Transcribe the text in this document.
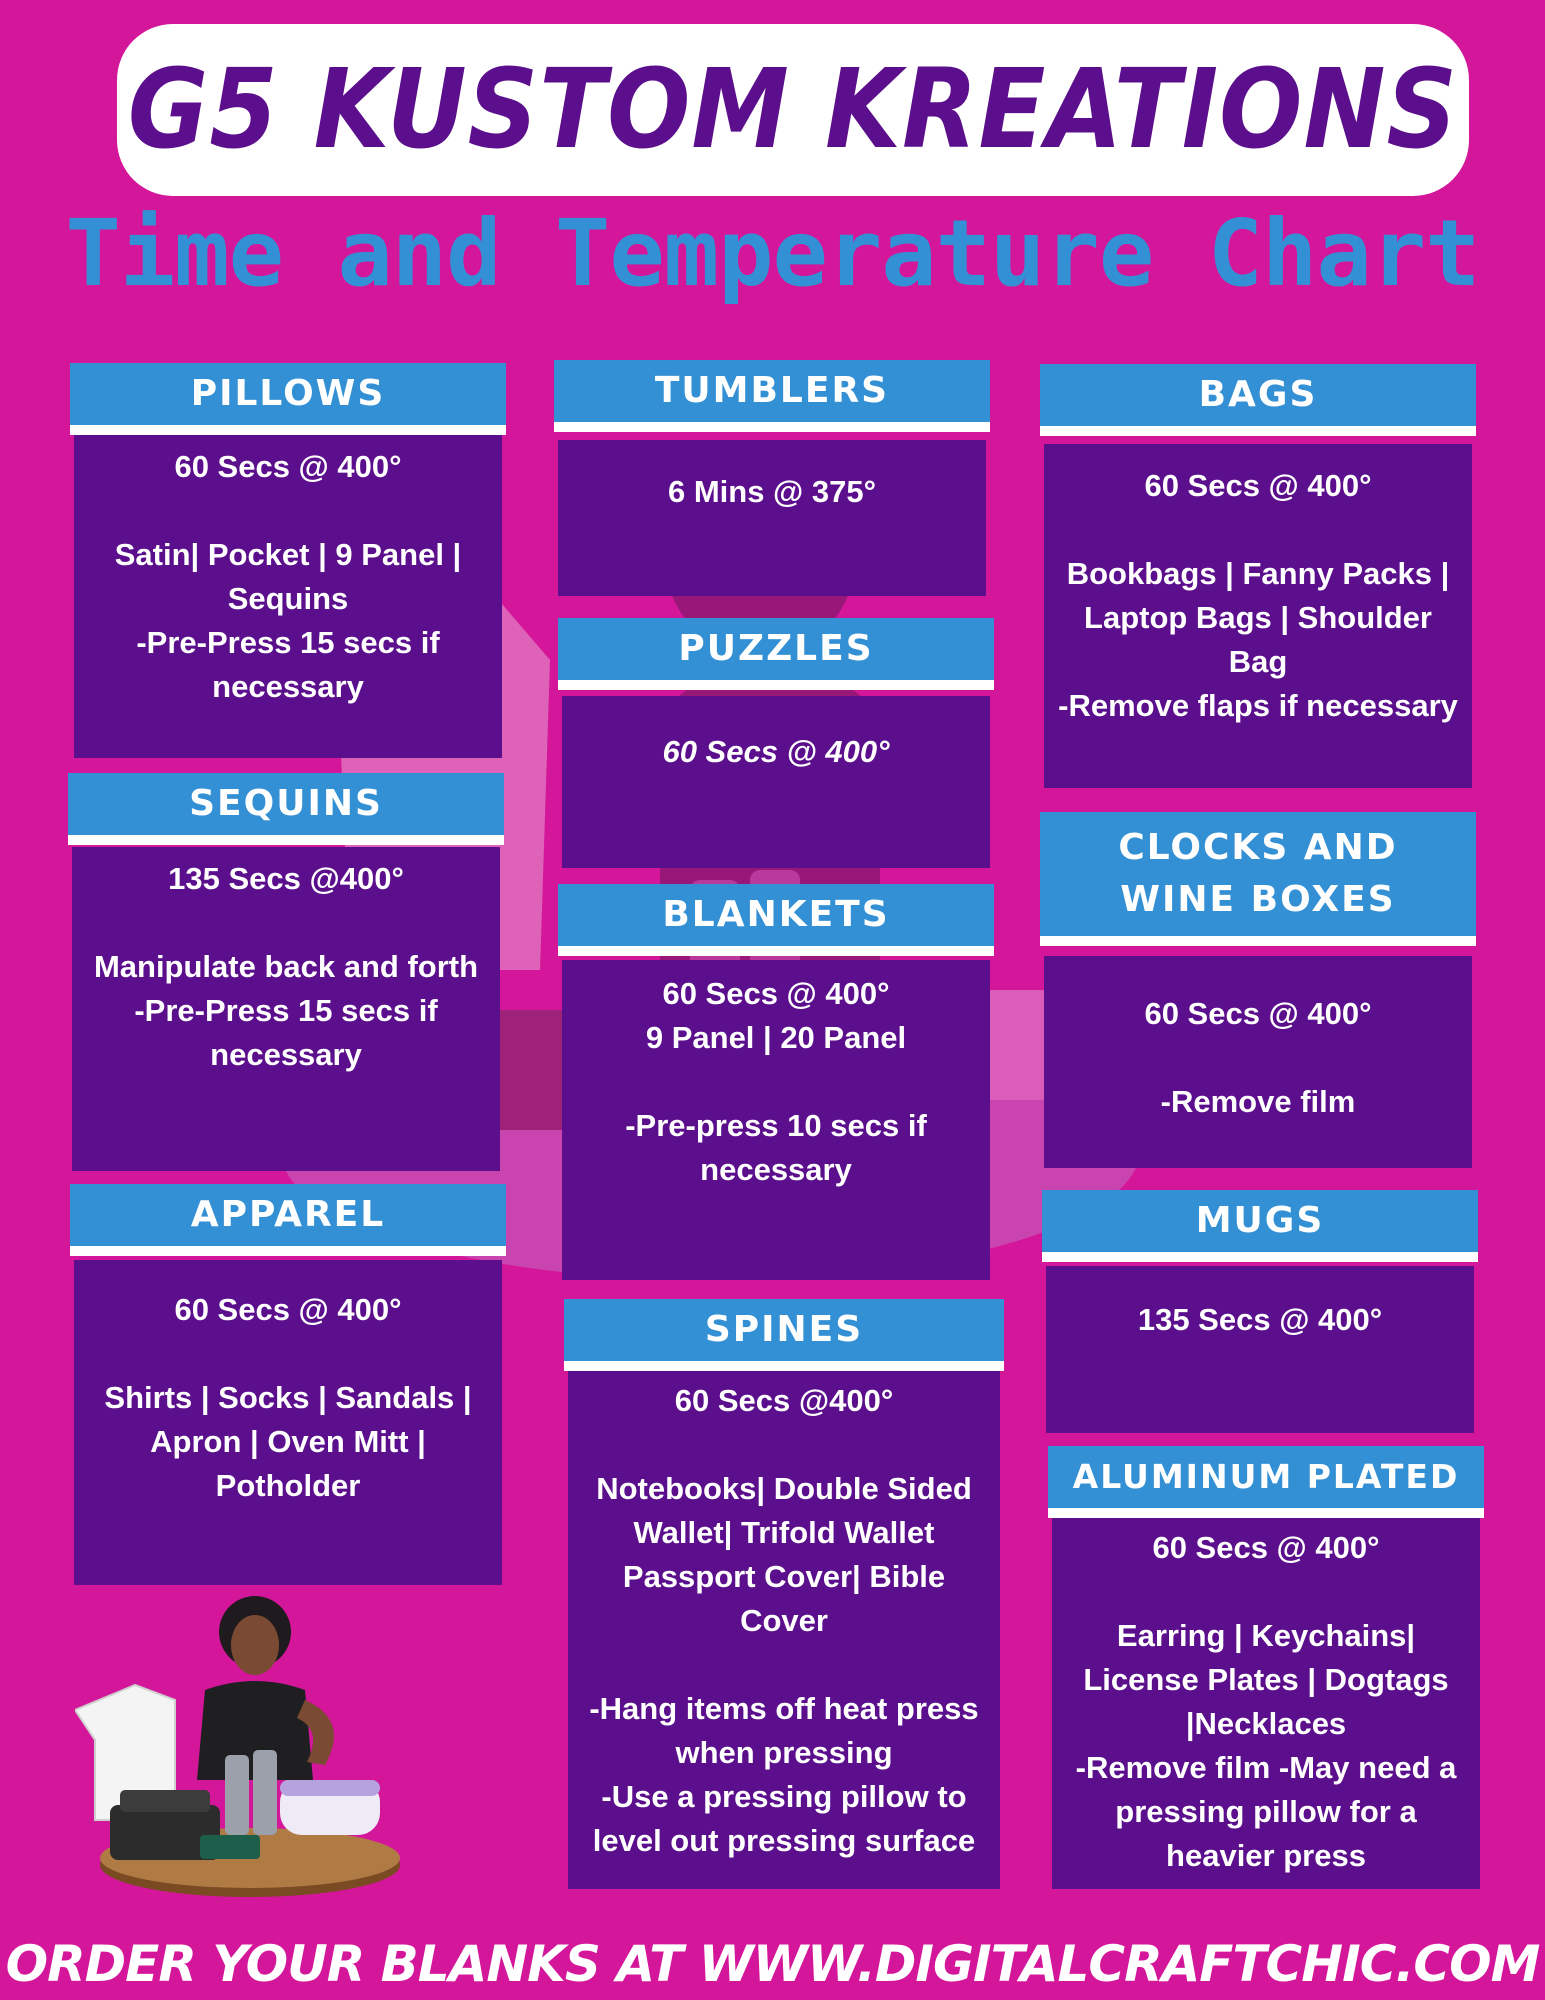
G5 KUSTOM KREATIONS
Time and Temperature Chart
PILLOWS

60 Secs @ 400°

Satin| Pocket | 9 Panel | Sequins

-Pre-Press 15 secs if necessary

TUMBLERS

6 Mins @ 375°

BAGS

60 Secs @ 400°

Bookbags | Fanny Packs | Laptop Bags | Shoulder Bag

-Remove flaps if necessary

PUZZLES

60 Secs @ 400°

SEQUINS

135 Secs @400°

Manipulate back and forth

-Pre-Press 15 secs if necessary

CLOCKS AND WINE BOXES

60 Secs @ 400°

-Remove film

BLANKETS

60 Secs @ 400°

9 Panel | 20 Panel

-Pre-press 10 secs if necessary

APPAREL

60 Secs @ 400°

Shirts | Socks | Sandals | Apron | Oven Mitt | Potholder

MUGS

135 Secs @ 400°

SPINES

60 Secs @400°

Notebooks| Double Sided Wallet| Trifold Wallet Passport Cover| Bible Cover

-Hang items off heat press when pressing

-Use a pressing pillow to level out pressing surface

ALUMINUM PLATED

60 Secs @ 400°

Earring | Keychains| License Plates | Dogtags |Necklaces

-Remove film -May need a pressing pillow for a heavier press

ORDER YOUR BLANKS AT WWW.DIGITALCRAFTCHIC.COM
